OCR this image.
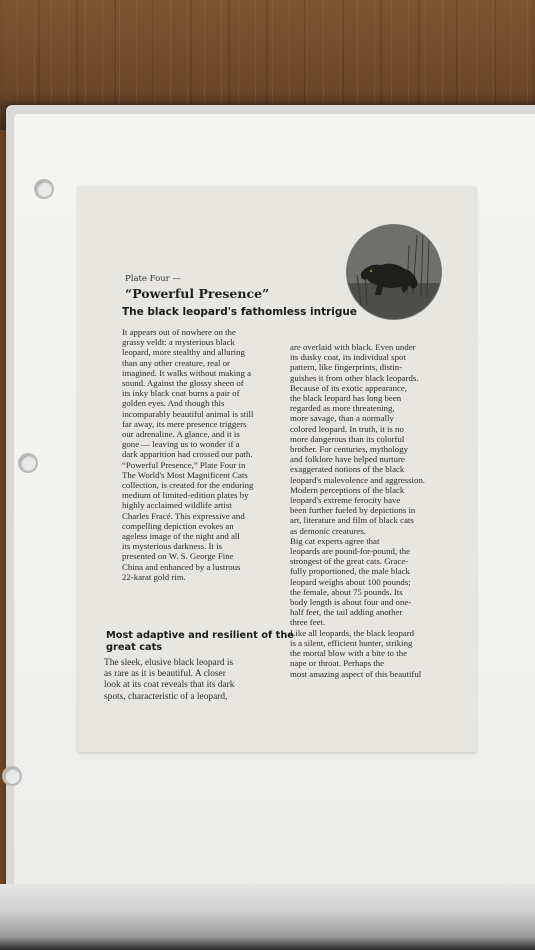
Plate Four —
“Powerful Presence”
The black leopard's fathomless intrigue

It appears out of nowhere on the

grassy veldt: a mysterious black

leopard, more stealthy and alluring

than any other creature, real or

imagined. It walks without making a

sound. Against the glossy sheen of

its inky black coat burns a pair of

golden eyes. And though this

incomparably beautiful animal is still

far away, its mere presence triggers

our adrenaline. A glance, and it is

gone — leaving us to wonder if a

dark apparition had crossed our path.

“Powerful Presence,” Plate Four in

The World's Most Magnificent Cats

collection, is created for the enduring

medium of limited-edition plates by

highly acclaimed wildlife artist

Charles Fracé. This expressive and

compelling depiction evokes an

ageless image of the night and all

its mysterious darkness. It is

presented on W. S. George Fine

China and enhanced by a lustrous

22-karat gold rim.

Most adaptive and resilient of the

great cats

The sleek, elusive black leopard is

as rare as it is beautiful. A closer

look at its coat reveals that its dark

spots, characteristic of a leopard,

are overlaid with black. Even under

its dusky coat, its individual spot

pattern, like fingerprints, distin-

guishes it from other black leopards.

Because of its exotic appearance,

the black leopard has long been

regarded as more threatening,

more savage, than a normally

colored leopard. In truth, it is no

more dangerous than its colorful

brother. For centuries, mythology

and folklore have helped nurture

exaggerated notions of the black

leopard's malevolence and aggression.

Modern perceptions of the black

leopard's extreme ferocity have

been further fueled by depictions in

art, literature and film of black cats

as demonic creatures.

Big cat experts agree that

leopards are pound-for-pound, the

strongest of the great cats. Grace-

fully proportioned, the male black

leopard weighs about 100 pounds;

the female, about 75 pounds. Its

body length is about four and one-

half feet, the tail adding another

three feet.

Like all leopards, the black leopard

is a silent, efficient hunter, striking

the mortal blow with a bite to the

nape or throat. Perhaps the

most amazing aspect of this beautiful
